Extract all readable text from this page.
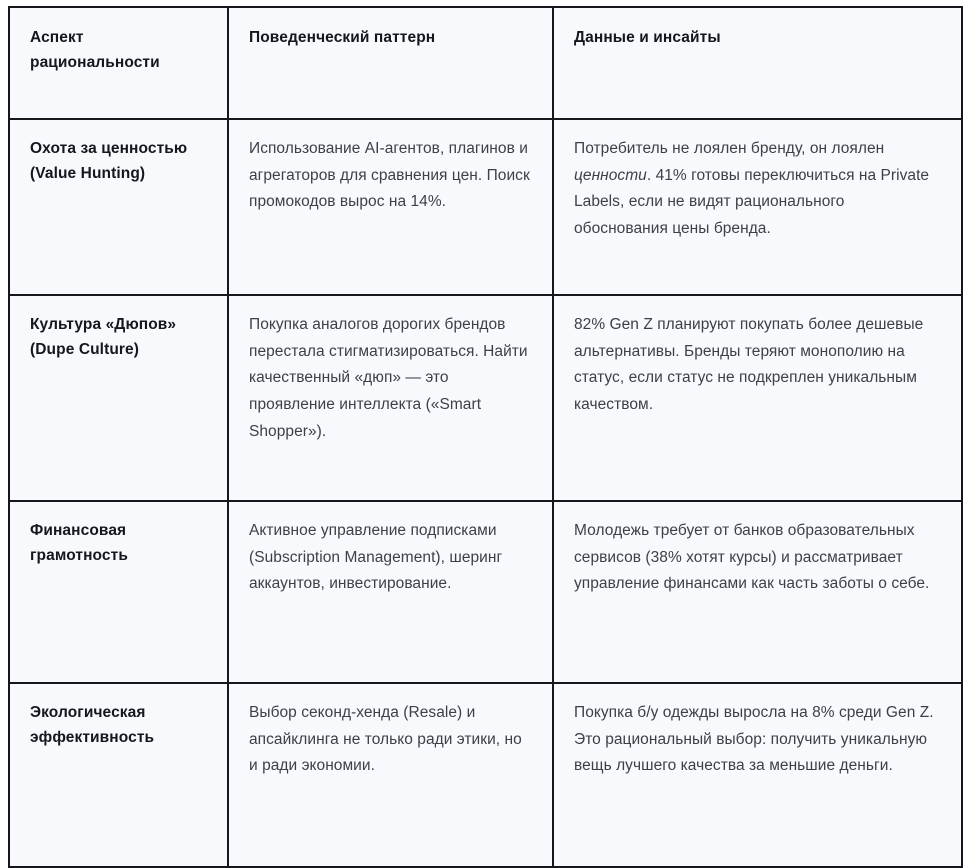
Аспект рациональности	Поведенческий паттерн	Данные и инсайты
Охота за ценностью (Value Hunting)	Использование AI-агентов, плагинов и агрегаторов для сравнения цен. Поиск промокодов вырос на 14%.	Потребитель не лоялен бренду, он лоялен ценности. 41% готовы переключиться на Private Labels, если не видят рационального обоснования цены бренда.
Культура «Дюпов» (Dupe Culture)	Покупка аналогов дорогих брендов перестала стигматизироваться. Найти качественный «дюп» — это проявление интеллекта («Smart Shopper»).	82% Gen Z планируют покупать более дешевые альтернативы. Бренды теряют монополию на статус, если статус не подкреплен уникальным качеством.
Финансовая грамотность	Активное управление подписками (Subscription Management), шеринг аккаунтов, инвестирование.	Молодежь требует от банков образовательных сервисов (38% хотят курсы) и рассматривает управление финансами как часть заботы о себе.
Экологическая эффективность	Выбор секонд-хенда (Resale) и апсайклинга не только ради этики, но и ради экономии.	Покупка б/у одежды выросла на 8% среди Gen Z. Это рациональный выбор: получить уникальную вещь лучшего качества за меньшие деньги.
